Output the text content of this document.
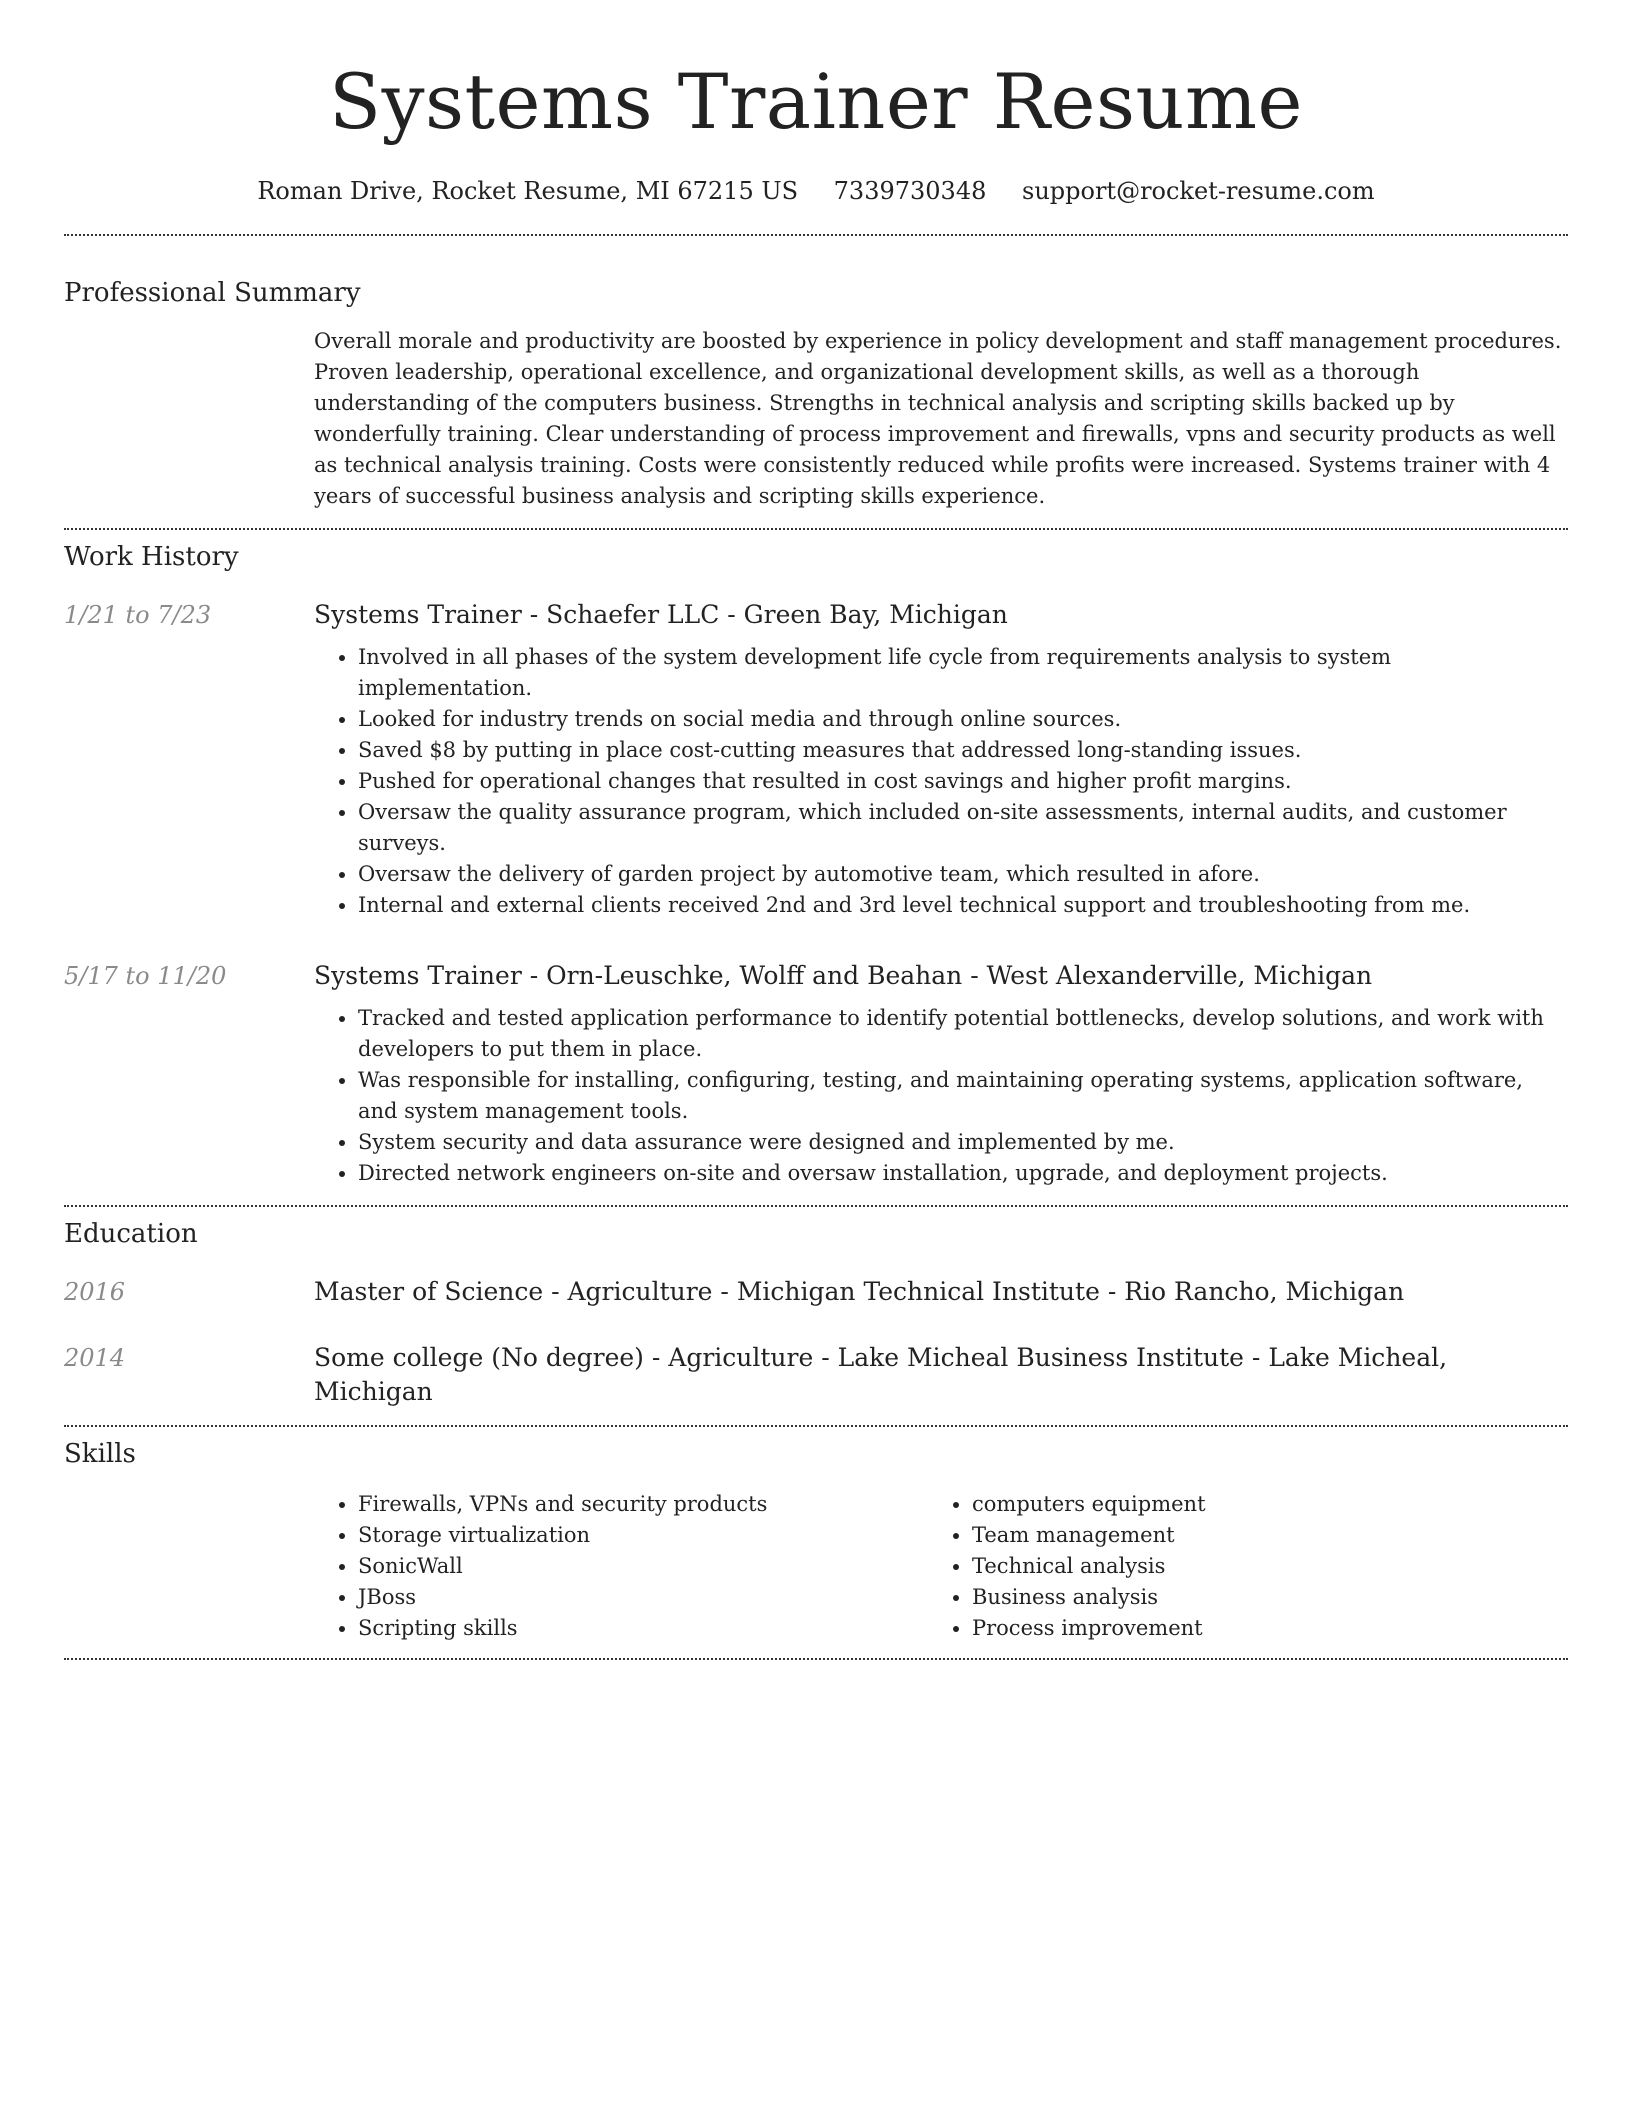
Systems Trainer Resume
Roman Drive, Rocket Resume, MI 67215 US 7339730348 support@rocket-resume.com
Professional Summary
Overall morale and productivity are boosted by experience in policy development and staff management procedures. Proven leadership, operational excellence, and organizational development skills, as well as a thorough understanding of the computers business. Strengths in technical analysis and scripting skills backed up by wonderfully training. Clear understanding of process improvement and firewalls, vpns and security products as well as technical analysis training. Costs were consistently reduced while profits were increased. Systems trainer with 4 years of successful business analysis and scripting skills experience.
Work History
1/21 to 7/23	Systems Trainer - Schaefer LLC - Green Bay, Michigan
• Involved in all phases of the system development life cycle from requirements analysis to system implementation.
• Looked for industry trends on social media and through online sources.
• Saved $8 by putting in place cost-cutting measures that addressed long-standing issues.
• Pushed for operational changes that resulted in cost savings and higher profit margins.
• Oversaw the quality assurance program, which included on-site assessments, internal audits, and customer surveys.
• Oversaw the delivery of garden project by automotive team, which resulted in afore.
• Internal and external clients received 2nd and 3rd level technical support and troubleshooting from me.
5/17 to 11/20	Systems Trainer - Orn-Leuschke, Wolff and Beahan - West Alexanderville, Michigan
• Tracked and tested application performance to identify potential bottlenecks, develop solutions, and work with developers to put them in place.
• Was responsible for installing, configuring, testing, and maintaining operating systems, application software, and system management tools.
• System security and data assurance were designed and implemented by me.
• Directed network engineers on-site and oversaw installation, upgrade, and deployment projects.
Education
2016	Master of Science - Agriculture - Michigan Technical Institute - Rio Rancho, Michigan
2014	Some college (No degree) - Agriculture - Lake Micheal Business Institute - Lake Micheal, Michigan
Skills
• Firewalls, VPNs and security products
• Storage virtualization
• SonicWall
• JBoss
• Scripting skills
• computers equipment
• Team management
• Technical analysis
• Business analysis
• Process improvement
